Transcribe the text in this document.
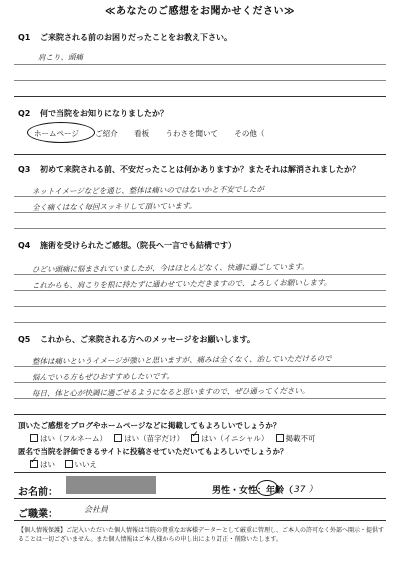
≪あなたのご感想をお聞かせください≫
Q1 ご来院される前のお困りだったことをお教え下さい。
肩こり、頭痛
Q2 何で当院をお知りになりましたか？
ホームページ ご紹介 看板 うわさを聞いて その他（
Q3 初めて来院される前、不安だったことは何かありますか？またそれは解消されましたか？
ネットイメージなどを通じ、整体は痛いのではないかと不安でしたが
全く痛くはなく毎回スッキリして頂いています。
Q4 施術を受けられたご感想。（院長へ一言でも結構です）
ひどい頭痛に悩まされていましたが、今はほとんどなく、快適に過ごしています。
これからも、肩こりを根に持たずに通わせていただきますので、よろしくお願いします。
Q5 これから、ご来院される方へのメッセージをお願いします。
整体は痛いというイメージが強いと思いますが、痛みは全くなく、治していただけるので
悩んでいる方もぜひおすすめしたいです。
毎日、体と心が快調に過ごせるようになると思いますので、ぜひ通ってください。
頂いたご感想をブログやホームページなどに掲載してもよろしいでしょうか？
はい（フルネーム） はい（苗字だけ） ✓ はい（イニシャル） 掲載不可
匿名で当院を評価できるサイトに投稿させていただいてもよろしいでしょうか？
✓ はい	いいえ
お名前：	男性・女性：年齢（ 37 ）
ご職業：	会社員
【個人情報保護】ご記入いただいた個人情報は当院の貴重なお客様データーとして厳重に管理し、ご本人の許可なく外部へ開示・提供することは一切ございません。また個人情報はご本人様からの申し出により訂正・削除いたします。
